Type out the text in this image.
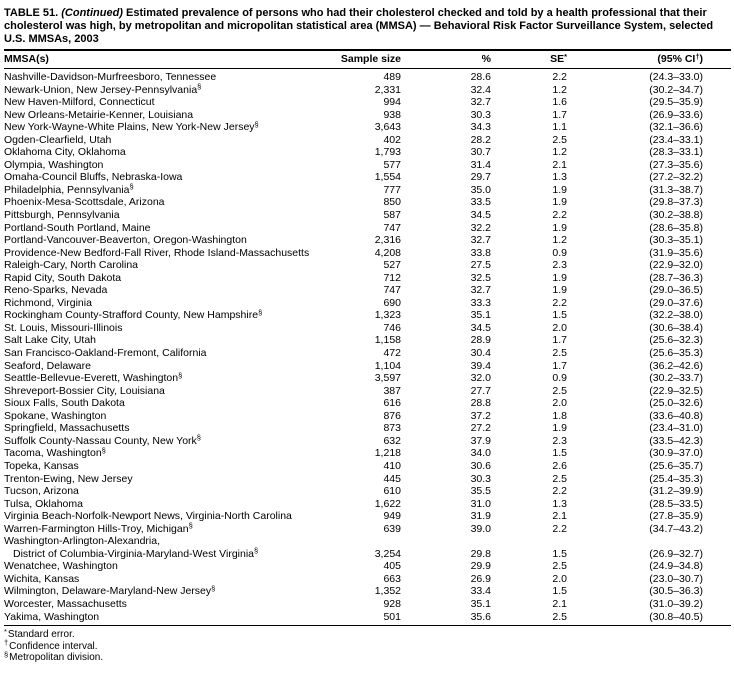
TABLE 51. (Continued) Estimated prevalence of persons who had their cholesterol checked and told by a health professional that their cholesterol was high, by metropolitan and micropolitan statistical area (MMSA) — Behavioral Risk Factor Surveillance System, selected U.S. MMSAs, 2003
MMSA(s)	Sample size	%	SE*	(95% CI†)
Nashville-Davidson-Murfreesboro, Tennessee	489	28.6	2.2	(24.3–33.0)
Newark-Union, New Jersey-Pennsylvania§	2,331	32.4	1.2	(30.2–34.7)
New Haven-Milford, Connecticut	994	32.7	1.6	(29.5–35.9)
New Orleans-Metairie-Kenner, Louisiana	938	30.3	1.7	(26.9–33.6)
New York-Wayne-White Plains, New York-New Jersey§	3,643	34.3	1.1	(32.1–36.6)
Ogden-Clearfield, Utah	402	28.2	2.5	(23.4–33.1)
Oklahoma City, Oklahoma	1,793	30.7	1.2	(28.3–33.1)
Olympia, Washington	577	31.4	2.1	(27.3–35.6)
Omaha-Council Bluffs, Nebraska-Iowa	1,554	29.7	1.3	(27.2–32.2)
Philadelphia, Pennsylvania§	777	35.0	1.9	(31.3–38.7)
Phoenix-Mesa-Scottsdale, Arizona	850	33.5	1.9	(29.8–37.3)
Pittsburgh, Pennsylvania	587	34.5	2.2	(30.2–38.8)
Portland-South Portland, Maine	747	32.2	1.9	(28.6–35.8)
Portland-Vancouver-Beaverton, Oregon-Washington	2,316	32.7	1.2	(30.3–35.1)
Providence-New Bedford-Fall River, Rhode Island-Massachusetts	4,208	33.8	0.9	(31.9–35.6)
Raleigh-Cary, North Carolina	527	27.5	2.3	(22.9–32.0)
Rapid City, South Dakota	712	32.5	1.9	(28.7–36.3)
Reno-Sparks, Nevada	747	32.7	1.9	(29.0–36.5)
Richmond, Virginia	690	33.3	2.2	(29.0–37.6)
Rockingham County-Strafford County, New Hampshire§	1,323	35.1	1.5	(32.2–38.0)
St. Louis, Missouri-Illinois	746	34.5	2.0	(30.6–38.4)
Salt Lake City, Utah	1,158	28.9	1.7	(25.6–32.3)
San Francisco-Oakland-Fremont, California	472	30.4	2.5	(25.6–35.3)
Seaford, Delaware	1,104	39.4	1.7	(36.2–42.6)
Seattle-Bellevue-Everett, Washington§	3,597	32.0	0.9	(30.2–33.7)
Shreveport-Bossier City, Louisiana	387	27.7	2.5	(22.9–32.5)
Sioux Falls, South Dakota	616	28.8	2.0	(25.0–32.6)
Spokane, Washington	876	37.2	1.8	(33.6–40.8)
Springfield, Massachusetts	873	27.2	1.9	(23.4–31.0)
Suffolk County-Nassau County, New York§	632	37.9	2.3	(33.5–42.3)
Tacoma, Washington§	1,218	34.0	1.5	(30.9–37.0)
Topeka, Kansas	410	30.6	2.6	(25.6–35.7)
Trenton-Ewing, New Jersey	445	30.3	2.5	(25.4–35.3)
Tucson, Arizona	610	35.5	2.2	(31.2–39.9)
Tulsa, Oklahoma	1,622	31.0	1.3	(28.5–33.5)
Virginia Beach-Norfolk-Newport News, Virginia-North Carolina	949	31.9	2.1	(27.8–35.9)
Warren-Farmington Hills-Troy, Michigan§	639	39.0	2.2	(34.7–43.2)

Washington-Arlington-Alexandria,
District of Columbia-Virginia-Maryland-West Virginia§	3,254	29.8	1.5	(26.9–32.7)
Wenatchee, Washington	405	29.9	2.5	(24.9–34.8)
Wichita, Kansas	663	26.9	2.0	(23.0–30.7)
Wilmington, Delaware-Maryland-New Jersey§	1,352	33.4	1.5	(30.5–36.3)
Worcester, Massachusetts	928	35.1	2.1	(31.0–39.2)
Yakima, Washington	501	35.6	2.5	(30.8–40.5)
*Standard error.
†Confidence interval.
§Metropolitan division.
